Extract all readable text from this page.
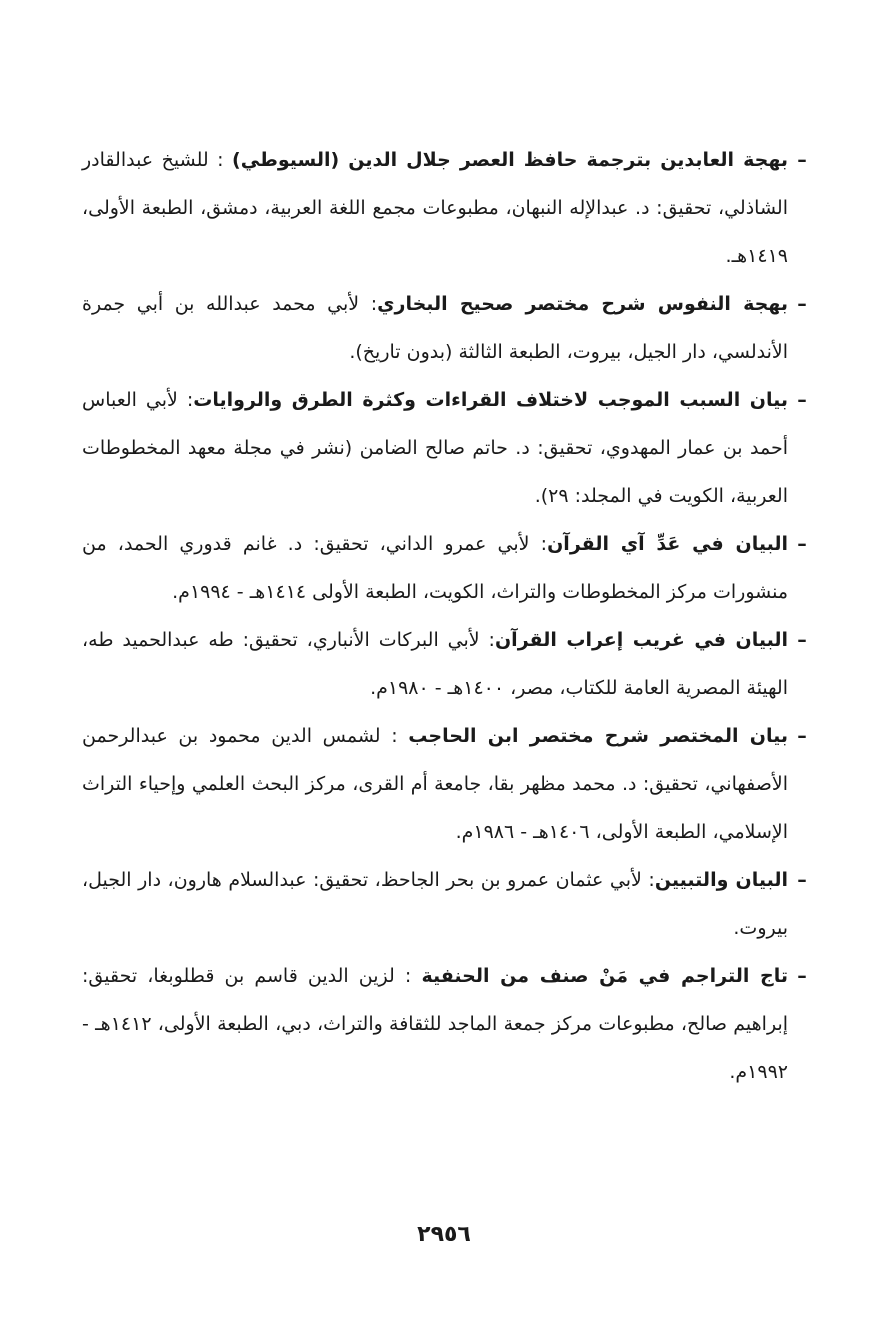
–
بهجة العابدين بترجمة حافظ العصر جلال الدين (السيوطي) : للشيخ عبدالقادر الشاذلي، تحقيق: د. عبدالإله النبهان، مطبوعات مجمع اللغة العربية، دمشق، الطبعة الأولى، ١٤١٩هـ.

–
بهجة النفوس شرح مختصر صحيح البخاري: لأبي محمد عبدالله بن أبي جمرة الأندلسي، دار الجيل، بيروت، الطبعة الثالثة (بدون تاريخ).

–
بيان السبب الموجب لاختلاف القراءات وكثرة الطرق والروايات: لأبي العباس أحمد بن عمار المهدوي، تحقيق: د. حاتم صالح الضامن (نشر في مجلة معهد المخطوطات العربية، الكويت في المجلد: ٢٩).

–
البيان في عَدِّ آي القرآن: لأبي عمرو الداني، تحقيق: د. غانم قدوري الحمد، من منشورات مركز المخطوطات والتراث، الكويت، الطبعة الأولى ١٤١٤هـ - ١٩٩٤م.

–
البيان في غريب إعراب القرآن: لأبي البركات الأنباري، تحقيق: طه عبدالحميد طه، الهيئة المصرية العامة للكتاب، مصر، ١٤٠٠هـ - ١٩٨٠م.

–
بيان المختصر شرح مختصر ابن الحاجب : لشمس الدين محمود بن عبدالرحمن الأصفهاني، تحقيق: د. محمد مظهر بقا، جامعة أم القرى، مركز البحث العلمي وإحياء التراث الإسلامي، الطبعة الأولى، ١٤٠٦هـ - ١٩٨٦م.

–
البيان والتبيين: لأبي عثمان عمرو بن بحر الجاحظ، تحقيق: عبدالسلام هارون، دار الجيل، بيروت.

–
تاج التراجم في مَنْ صنف من الحنفية : لزين الدين قاسم بن قطلوبغا، تحقيق: إبراهيم صالح، مطبوعات مركز جمعة الماجد للثقافة والتراث، دبي، الطبعة الأولى، ١٤١٢هـ - ١٩٩٢م.

٢٩٥٦
